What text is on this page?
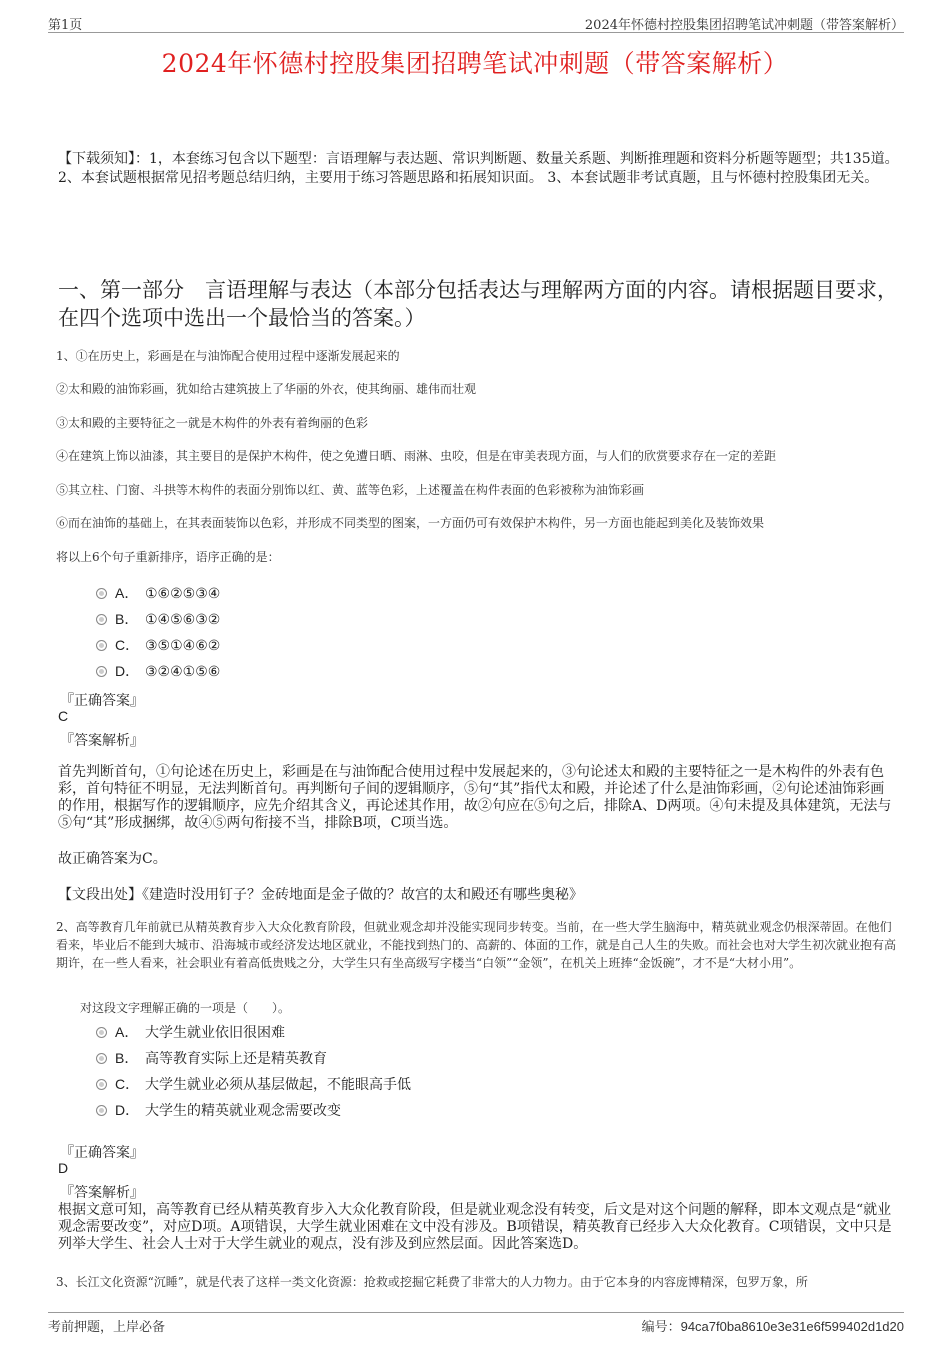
第1页	2024年怀德村控股集团招聘笔试冲刺题（带答案解析）
2024年怀德村控股集团招聘笔试冲刺题（带答案解析）
【下载须知】：1，本套练习包含以下题型：言语理解与表达题、常识判断题、数量关系题、判断推理题和资料分析题等题型；共135道。 2、本套试题根据常见招考题总结归纳，主要用于练习答题思路和拓展知识面。 3、本套试题非考试真题，且与怀德村控股集团无关。
一、第一部分　言语理解与表达（本部分包括表达与理解两方面的内容。请根据题目要求，在四个选项中选出一个最恰当的答案。）
1、①在历史上，彩画是在与油饰配合使用过程中逐渐发展起来的
②太和殿的油饰彩画，犹如给古建筑披上了华丽的外衣，使其绚丽、雄伟而壮观
③太和殿的主要特征之一就是木构件的外表有着绚丽的色彩
④在建筑上饰以油漆，其主要目的是保护木构件，使之免遭日晒、雨淋、虫咬，但是在审美表现方面，与人们的欣赏要求存在一定的差距
⑤其立柱、门窗、斗拱等木构件的表面分别饰以红、黄、蓝等色彩，上述覆盖在构件表面的色彩被称为油饰彩画
⑥而在油饰的基础上，在其表面装饰以色彩，并形成不同类型的图案，一方面仍可有效保护木构件，另一方面也能起到美化及装饰效果
将以上6个句子重新排序，语序正确的是：
A． ①⑥②⑤③④
B． ①④⑤⑥③②
C． ③⑤①④⑥②
D． ③②④①⑤⑥
『正确答案』
C
『答案解析』
首先判断首句，①句论述在历史上，彩画是在与油饰配合使用过程中发展起来的，③句论述太和殿的主要特征之一是木构件的外表有色彩，首句特征不明显，无法判断首句。再判断句子间的逻辑顺序，⑤句“其”指代太和殿，并论述了什么是油饰彩画，②句论述油饰彩画的作用，根据写作的逻辑顺序，应先介绍其含义，再论述其作用，故②句应在⑤句之后，排除A、D两项。④句未提及具体建筑，无法与⑤句“其”形成捆绑，故④⑤两句衔接不当，排除B项，C项当选。
故正确答案为C。
【文段出处】《建造时没用钉子？金砖地面是金子做的？故宫的太和殿还有哪些奥秘》
2、高等教育几年前就已从精英教育步入大众化教育阶段，但就业观念却并没能实现同步转变。当前，在一些大学生脑海中，精英就业观念仍根深蒂固。在他们看来，毕业后不能到大城市、沿海城市或经济发达地区就业，不能找到热门的、高薪的、体面的工作，就是自己人生的失败。而社会也对大学生初次就业抱有高期许，在一些人看来，社会职业有着高低贵贱之分，大学生只有坐高级写字楼当“白领”“金领”，在机关上班捧“金饭碗”，才不是“大材小用”。
对这段文字理解正确的一项是（　　）。
A． 大学生就业依旧很困难
B． 高等教育实际上还是精英教育
C． 大学生就业必须从基层做起，不能眼高手低
D． 大学生的精英就业观念需要改变
『正确答案』
D
『答案解析』
根据文意可知，高等教育已经从精英教育步入大众化教育阶段，但是就业观念没有转变，后文是对这个问题的解释，即本文观点是“就业观念需要改变”，对应D项。A项错误，大学生就业困难在文中没有涉及。B项错误，精英教育已经步入大众化教育。C项错误，文中只是列举大学生、社会人士对于大学生就业的观点，没有涉及到应然层面。因此答案选D。
3、长江文化资源“沉睡”，就是代表了这样一类文化资源：抢救或挖掘它耗费了非常大的人力物力。由于它本身的内容庞博精深，包罗万象，所
考前押题，上岸必备	编号：94ca7f0ba8610e3e31e6f599402d1d20
